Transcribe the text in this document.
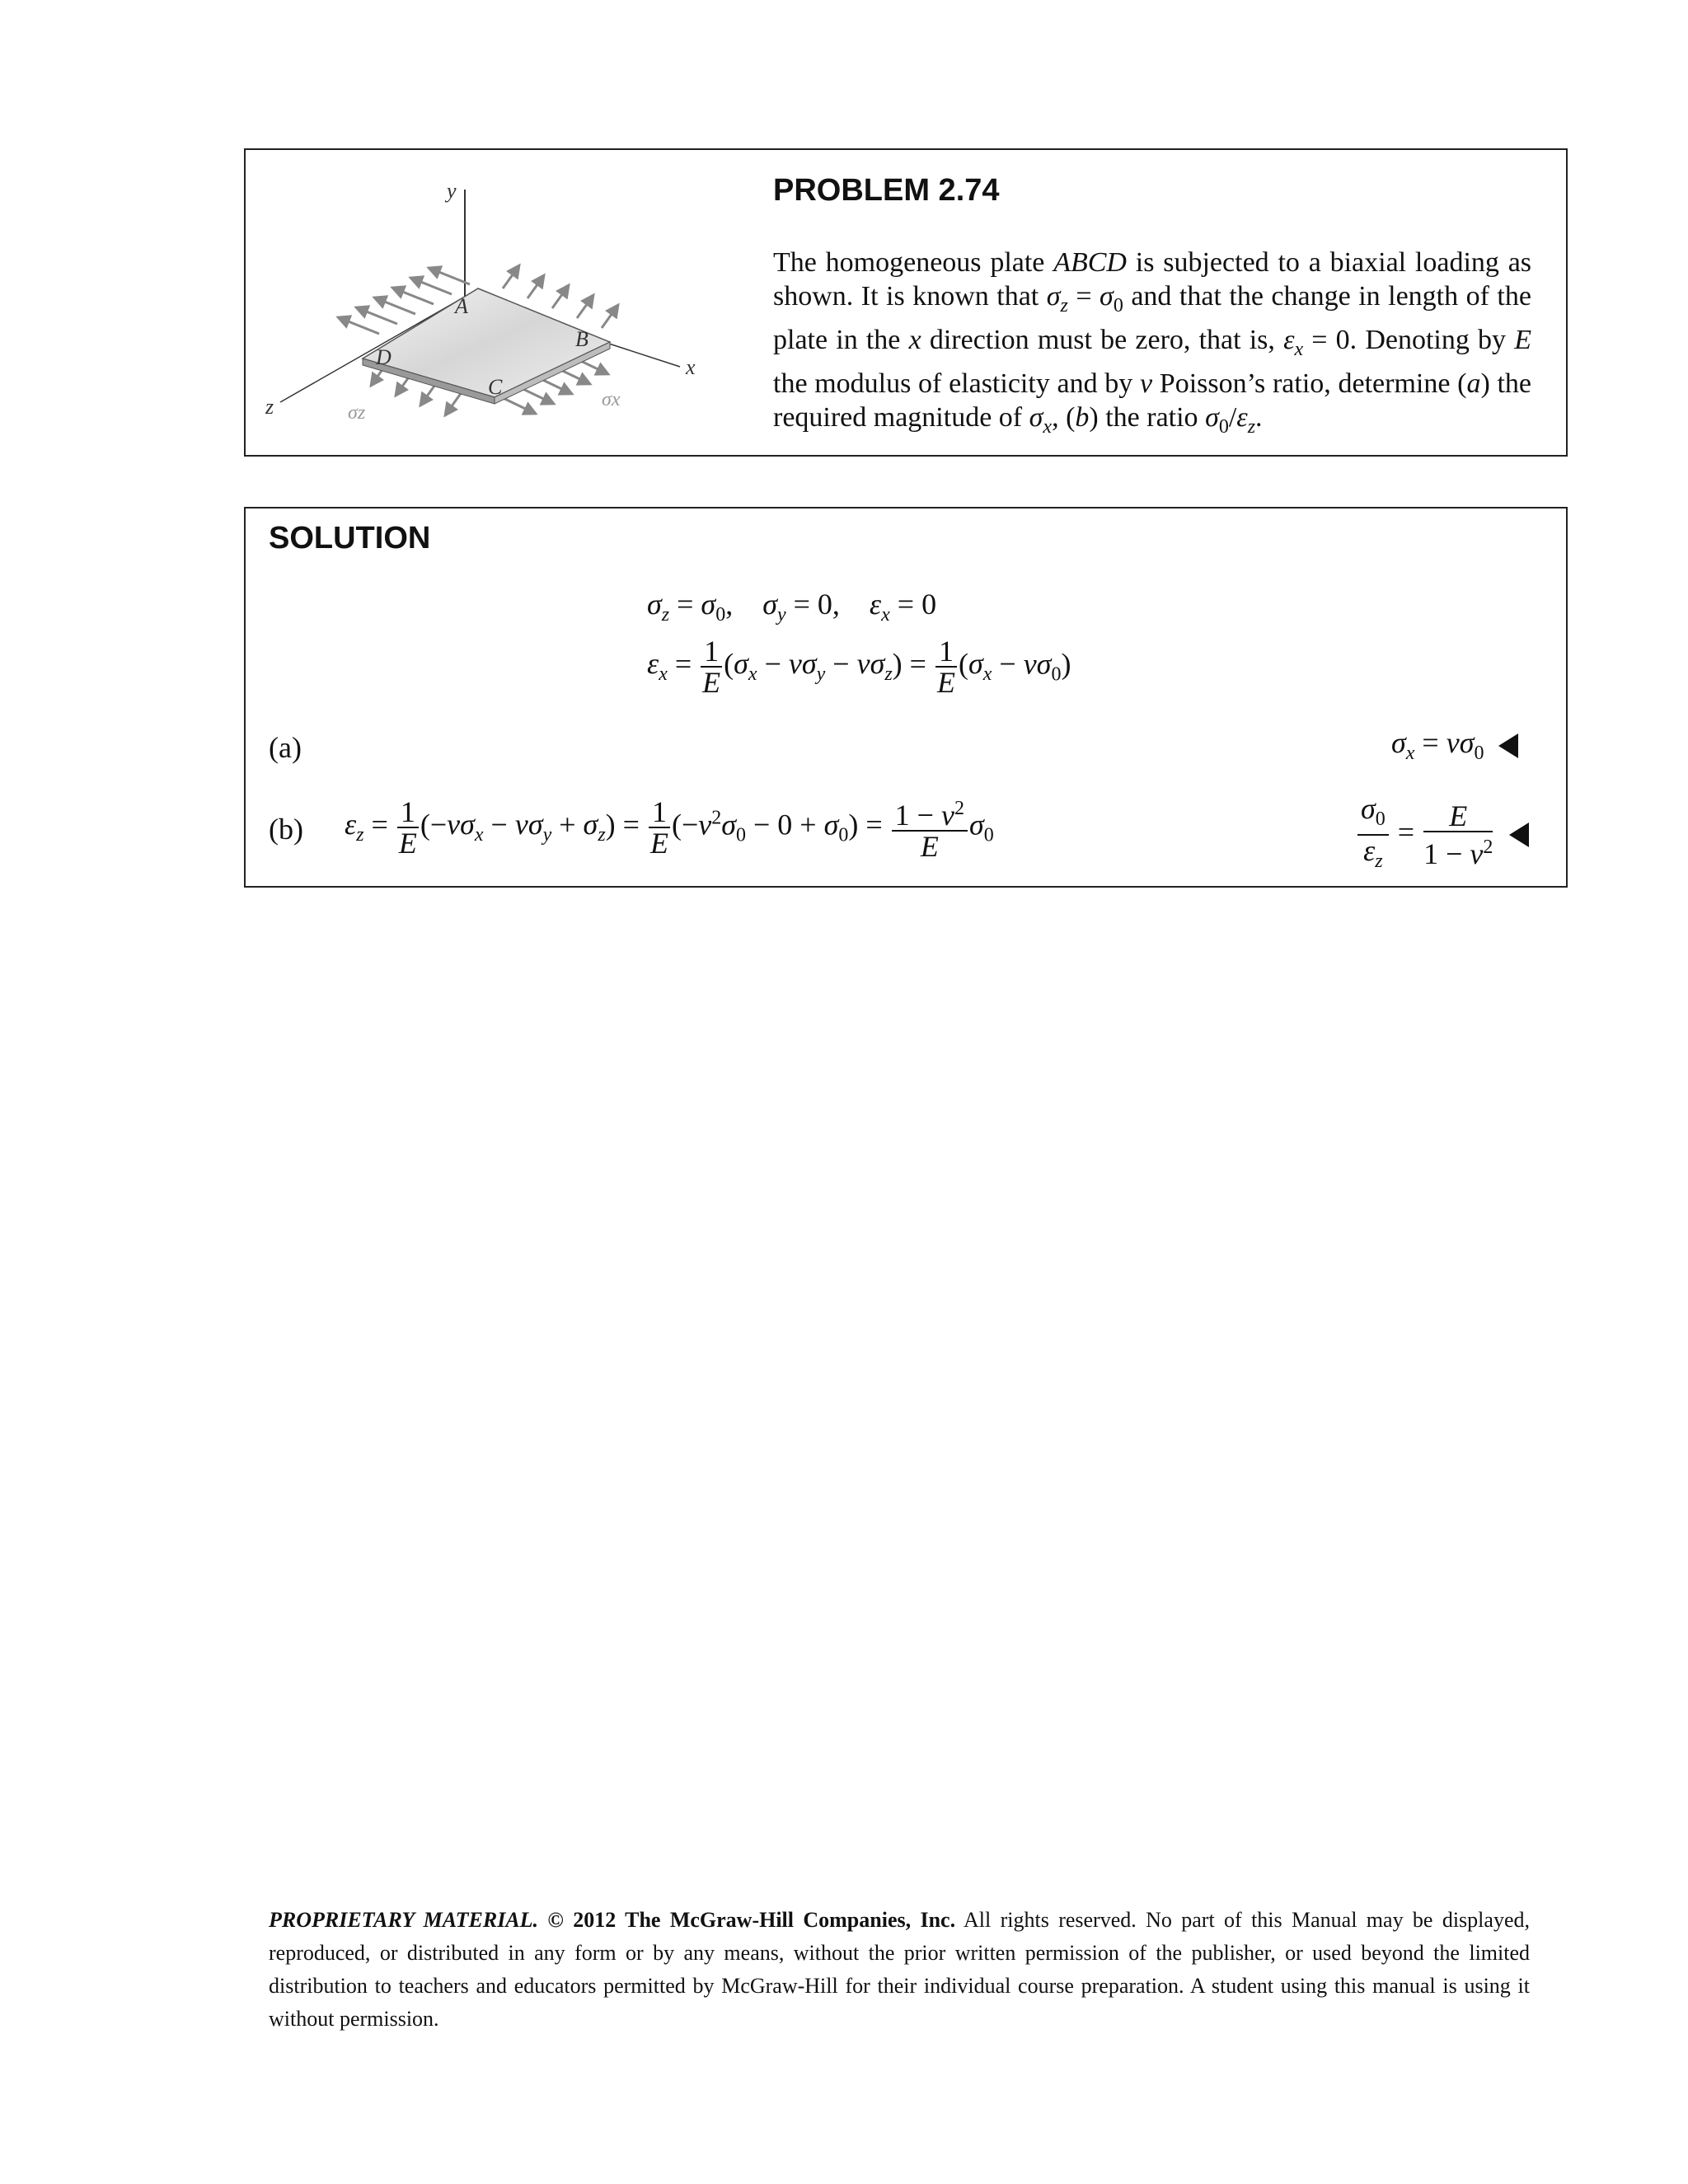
y
x
z
A
B
C
D
σz
σx
PROBLEM 2.74
The homogeneous plate ABCD is subjected to a biaxial loading as shown. It is known that $\sigma_z = \sigma_0$ and that the change in length of the plate in the x direction must be zero, that is, $\varepsilon_x = 0$. Denoting by E the modulus of elasticity and by v Poisson’s ratio, determine (a) the required magnitude of $\sigma_x$, (b) the ratio $\sigma_0/\varepsilon_z$.
SOLUTION
$\sigma_z = \sigma_0$,    $\sigma_y = 0$,    $\varepsilon_x = 0$
$\varepsilon_x = \frac{1}{E} (\sigma_x - v\sigma_y - v\sigma_z) = \frac{1}{E} (\sigma_x - v\sigma_0)$
(a)	$\sigma_x = v\sigma_0$
(b) $\varepsilon_z = \frac{1}{E} (-v\sigma_x - v\sigma_y + \sigma_z) = \frac{1}{E} (-v^2\sigma_0 - 0 + \sigma_0) = \frac{1 - v^2}{E} \sigma_0$	$\frac{\sigma_0}{\varepsilon_z} = \frac{E}{1 - v^2}$
PROPRIETARY MATERIAL. © 2012 The McGraw-Hill Companies, Inc. All rights reserved. No part of this Manual may be displayed, reproduced, or distributed in any form or by any means, without the prior written permission of the publisher, or used beyond the limited distribution to teachers and educators permitted by McGraw-Hill for their individual course preparation. A student using this manual is using it without permission.
